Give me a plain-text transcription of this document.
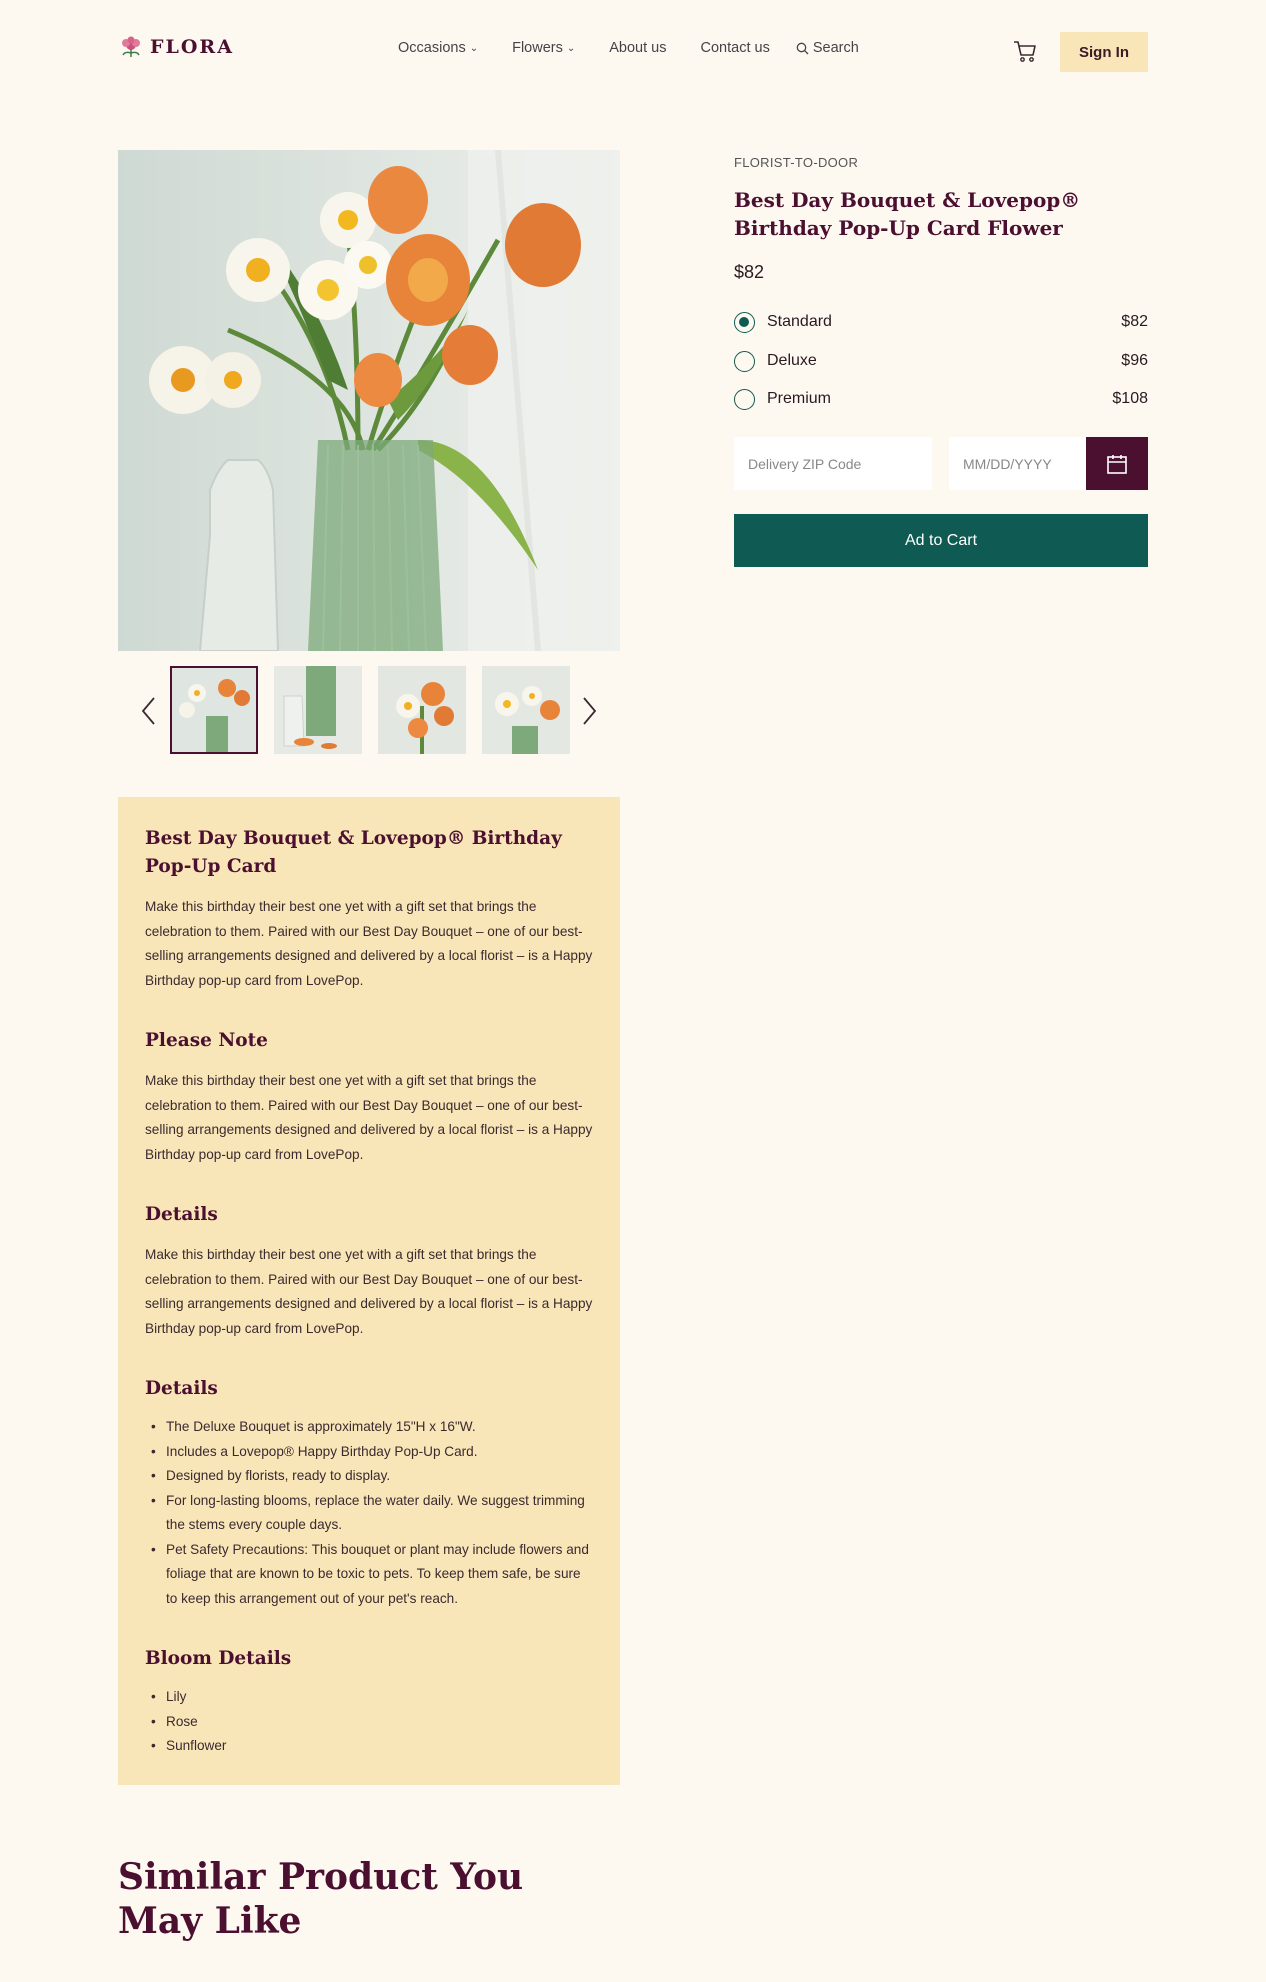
FLORA	Occasions ⌄ Flowers ⌄ About us Contact us	Search	Sign In
FLORIST-TO-DOOR
Best Day Bouquet & Lovepop® Birthday Pop-Up Card Flower
$82
Standard	$82
Deluxe	$96
Premium	$108
Delivery ZIP Code
MM/DD/YYYY
Ad to Cart
Best Day Bouquet & Lovepop® Birthday Pop-Up Card

Make this birthday their best one yet with a gift set that brings the celebration to them. Paired with our Best Day Bouquet – one of our best-selling arrangements designed and delivered by a local florist – is a Happy Birthday pop-up card from LovePop.

Please Note

Make this birthday their best one yet with a gift set that brings the celebration to them. Paired with our Best Day Bouquet – one of our best-selling arrangements designed and delivered by a local florist – is a Happy Birthday pop-up card from LovePop.

Details

Make this birthday their best one yet with a gift set that brings the celebration to them. Paired with our Best Day Bouquet – one of our best-selling arrangements designed and delivered by a local florist – is a Happy Birthday pop-up card from LovePop.

Details
• The Deluxe Bouquet is approximately 15"H x 16"W.
• Includes a Lovepop® Happy Birthday Pop-Up Card.
• Designed by florists, ready to display.
• For long-lasting blooms, replace the water daily. We suggest trimming the stems every couple days.
• Pet Safety Precautions: This bouquet or plant may include flowers and foliage that are known to be toxic to pets. To keep them safe, be sure to keep this arrangement out of your pet's reach.
Bloom Details
• Lily
• Rose
• Sunflower
Similar Product You May Like
